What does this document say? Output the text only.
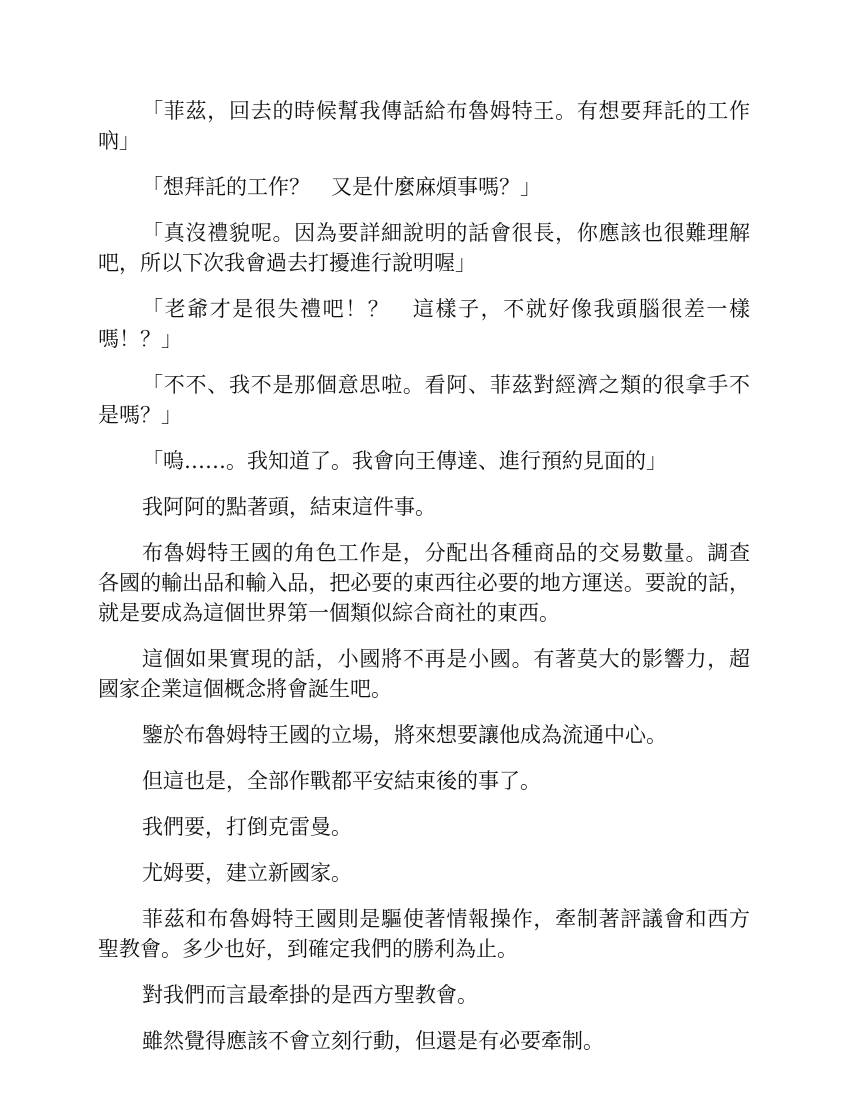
「菲茲，回去的時候幫我傳話給布魯姆特王。有想要拜託的工作吶」

「想拜託的工作？　又是什麼麻煩事嗎？」

「真沒禮貌呢。因為要詳細說明的話會很長，你應該也很難理解吧，所以下次我會過去打擾進行說明喔」

「老爺才是很失禮吧！？　這樣子，不就好像我頭腦很差一樣嗎！？」

「不不、我不是那個意思啦。看阿、菲茲對經濟之類的很拿手不是嗎？」

「嗚……。我知道了。我會向王傳達、進行預約見面的」

我阿阿的點著頭，結束這件事。

布魯姆特王國的角色工作是，分配出各種商品的交易數量。調查各國的輸出品和輸入品，把必要的東西往必要的地方運送。要說的話，就是要成為這個世界第一個類似綜合商社的東西。

這個如果實現的話，小國將不再是小國。有著莫大的影響力，超國家企業這個概念將會誕生吧。

鑒於布魯姆特王國的立場，將來想要讓他成為流通中心。

但這也是，全部作戰都平安結束後的事了。

我們要，打倒克雷曼。

尤姆要，建立新國家。

菲茲和布魯姆特王國則是驅使著情報操作，牽制著評議會和西方聖教會。多少也好，到確定我們的勝利為止。

對我們而言最牽掛的是西方聖教會。

雖然覺得應該不會立刻行動，但還是有必要牽制。
